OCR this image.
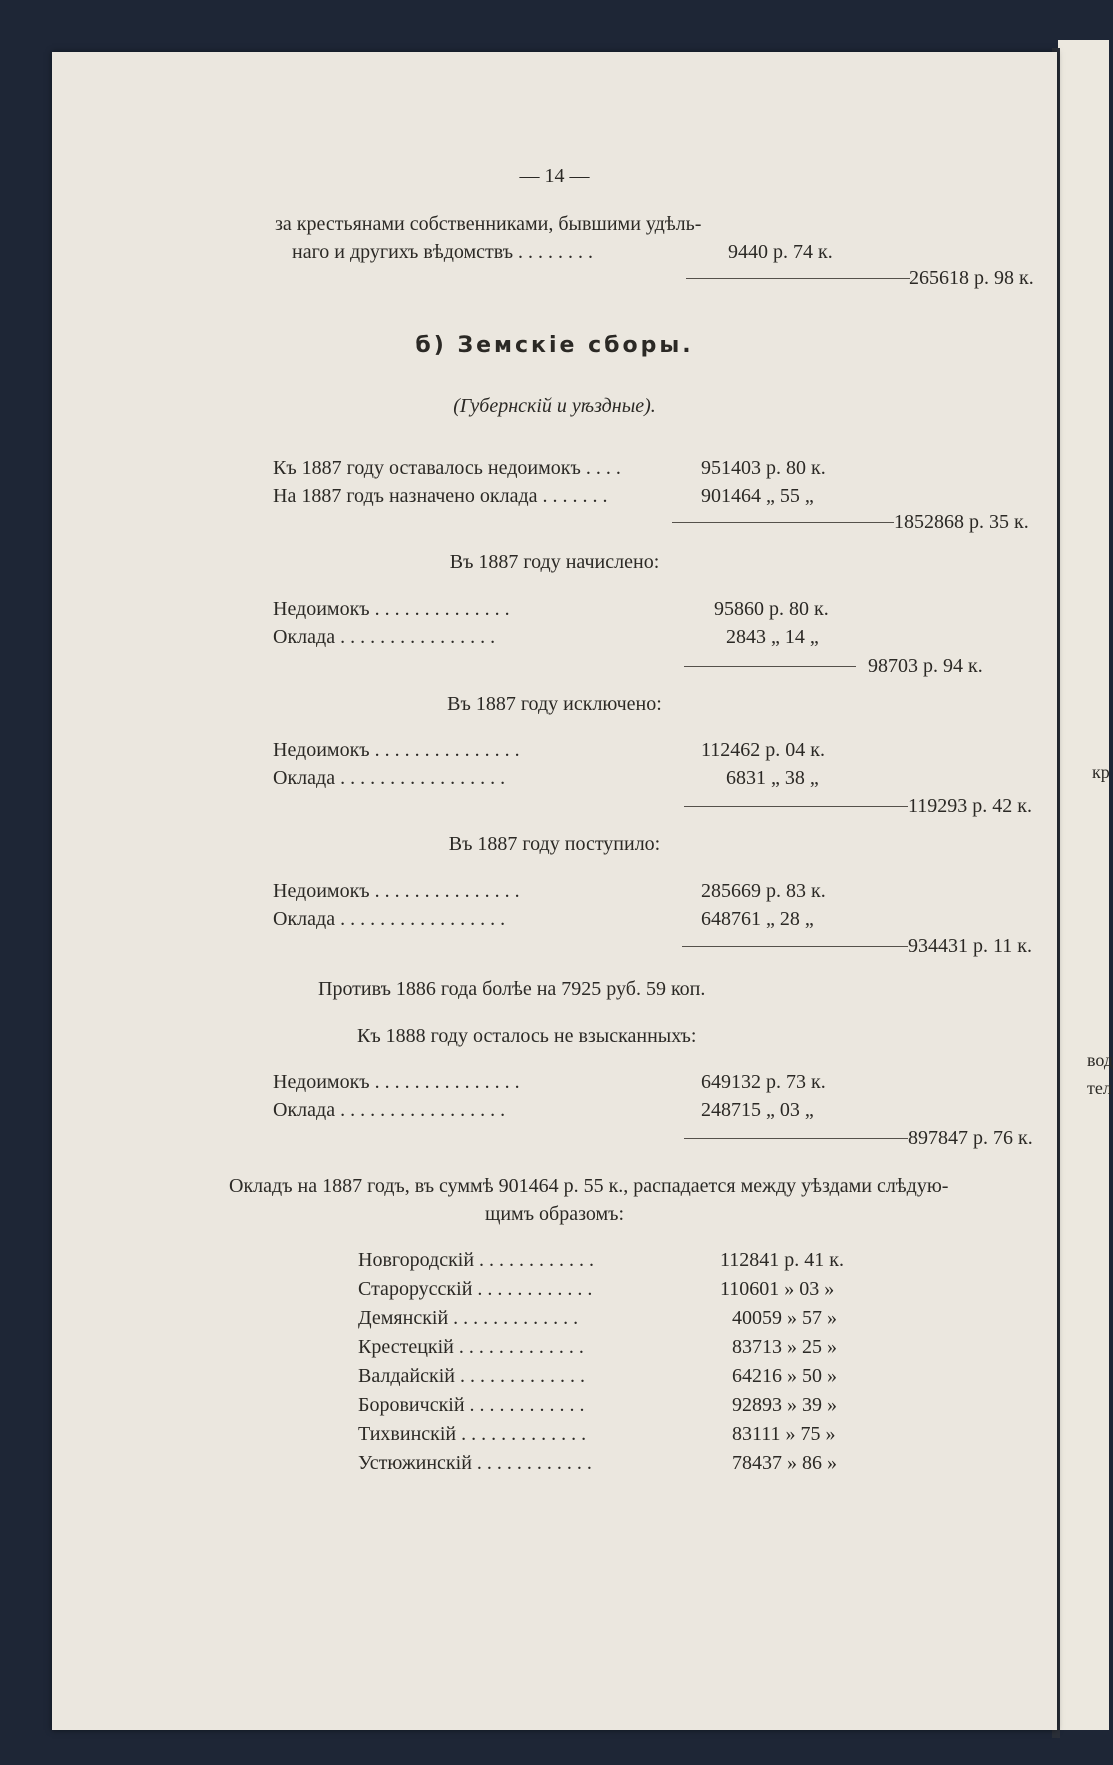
кр
вод
тел
— 14 —
за крестьянами собственниками, бывшими удѣль-
наго и другихъ вѣдомствъ . . . . . . . .	9440 р. 74 к.
265618 р. 98 к.
б) Земскіе сборы.
(Губернскій и уѣздные).
Къ 1887 году оставалось недоимокъ . . . .	951403 р. 80 к.
На 1887 годъ назначено оклада . . . . . . .	901464 „ 55 „
1852868 р. 35 к.
Въ 1887 году начислено:
Недоимокъ . . . . . . . . . . . . . .	95860 р. 80 к.
Оклада . . . . . . . . . . . . . . . .	2843 „ 14 „
98703 р. 94 к.
Въ 1887 году исключено:
Недоимокъ . . . . . . . . . . . . . . .	112462 р. 04 к.
Оклада . . . . . . . . . . . . . . . . .	6831 „ 38 „
119293 р. 42 к.
Въ 1887 году поступило:
Недоимокъ . . . . . . . . . . . . . . .	285669 р. 83 к.
Оклада . . . . . . . . . . . . . . . . .	648761 „ 28 „
934431 р. 11 к.
Противъ 1886 года болѣе на 7925 руб. 59 коп.
Къ 1888 году осталось не взысканныхъ:
Недоимокъ . . . . . . . . . . . . . . .	649132 р. 73 к.
Оклада . . . . . . . . . . . . . . . . .	248715 „ 03 „
897847 р. 76 к.
Окладъ на 1887 годъ, въ суммѣ 901464 р. 55 к., распадается между уѣздами слѣдую-
щимъ образомъ:
Новгородскій . . . . . . . . . . . .	112841 р. 41 к.
Старорусскій . . . . . . . . . . . .	110601 » 03 »
Демянскій . . . . . . . . . . . . .	40059 » 57 »
Крестецкій . . . . . . . . . . . . .	83713 » 25 »
Валдайскій . . . . . . . . . . . . .	64216 » 50 »
Боровичскій . . . . . . . . . . . .	92893 » 39 »
Тихвинскій . . . . . . . . . . . . .	83111 » 75 »
Устюжинскій . . . . . . . . . . . .	78437 » 86 »
